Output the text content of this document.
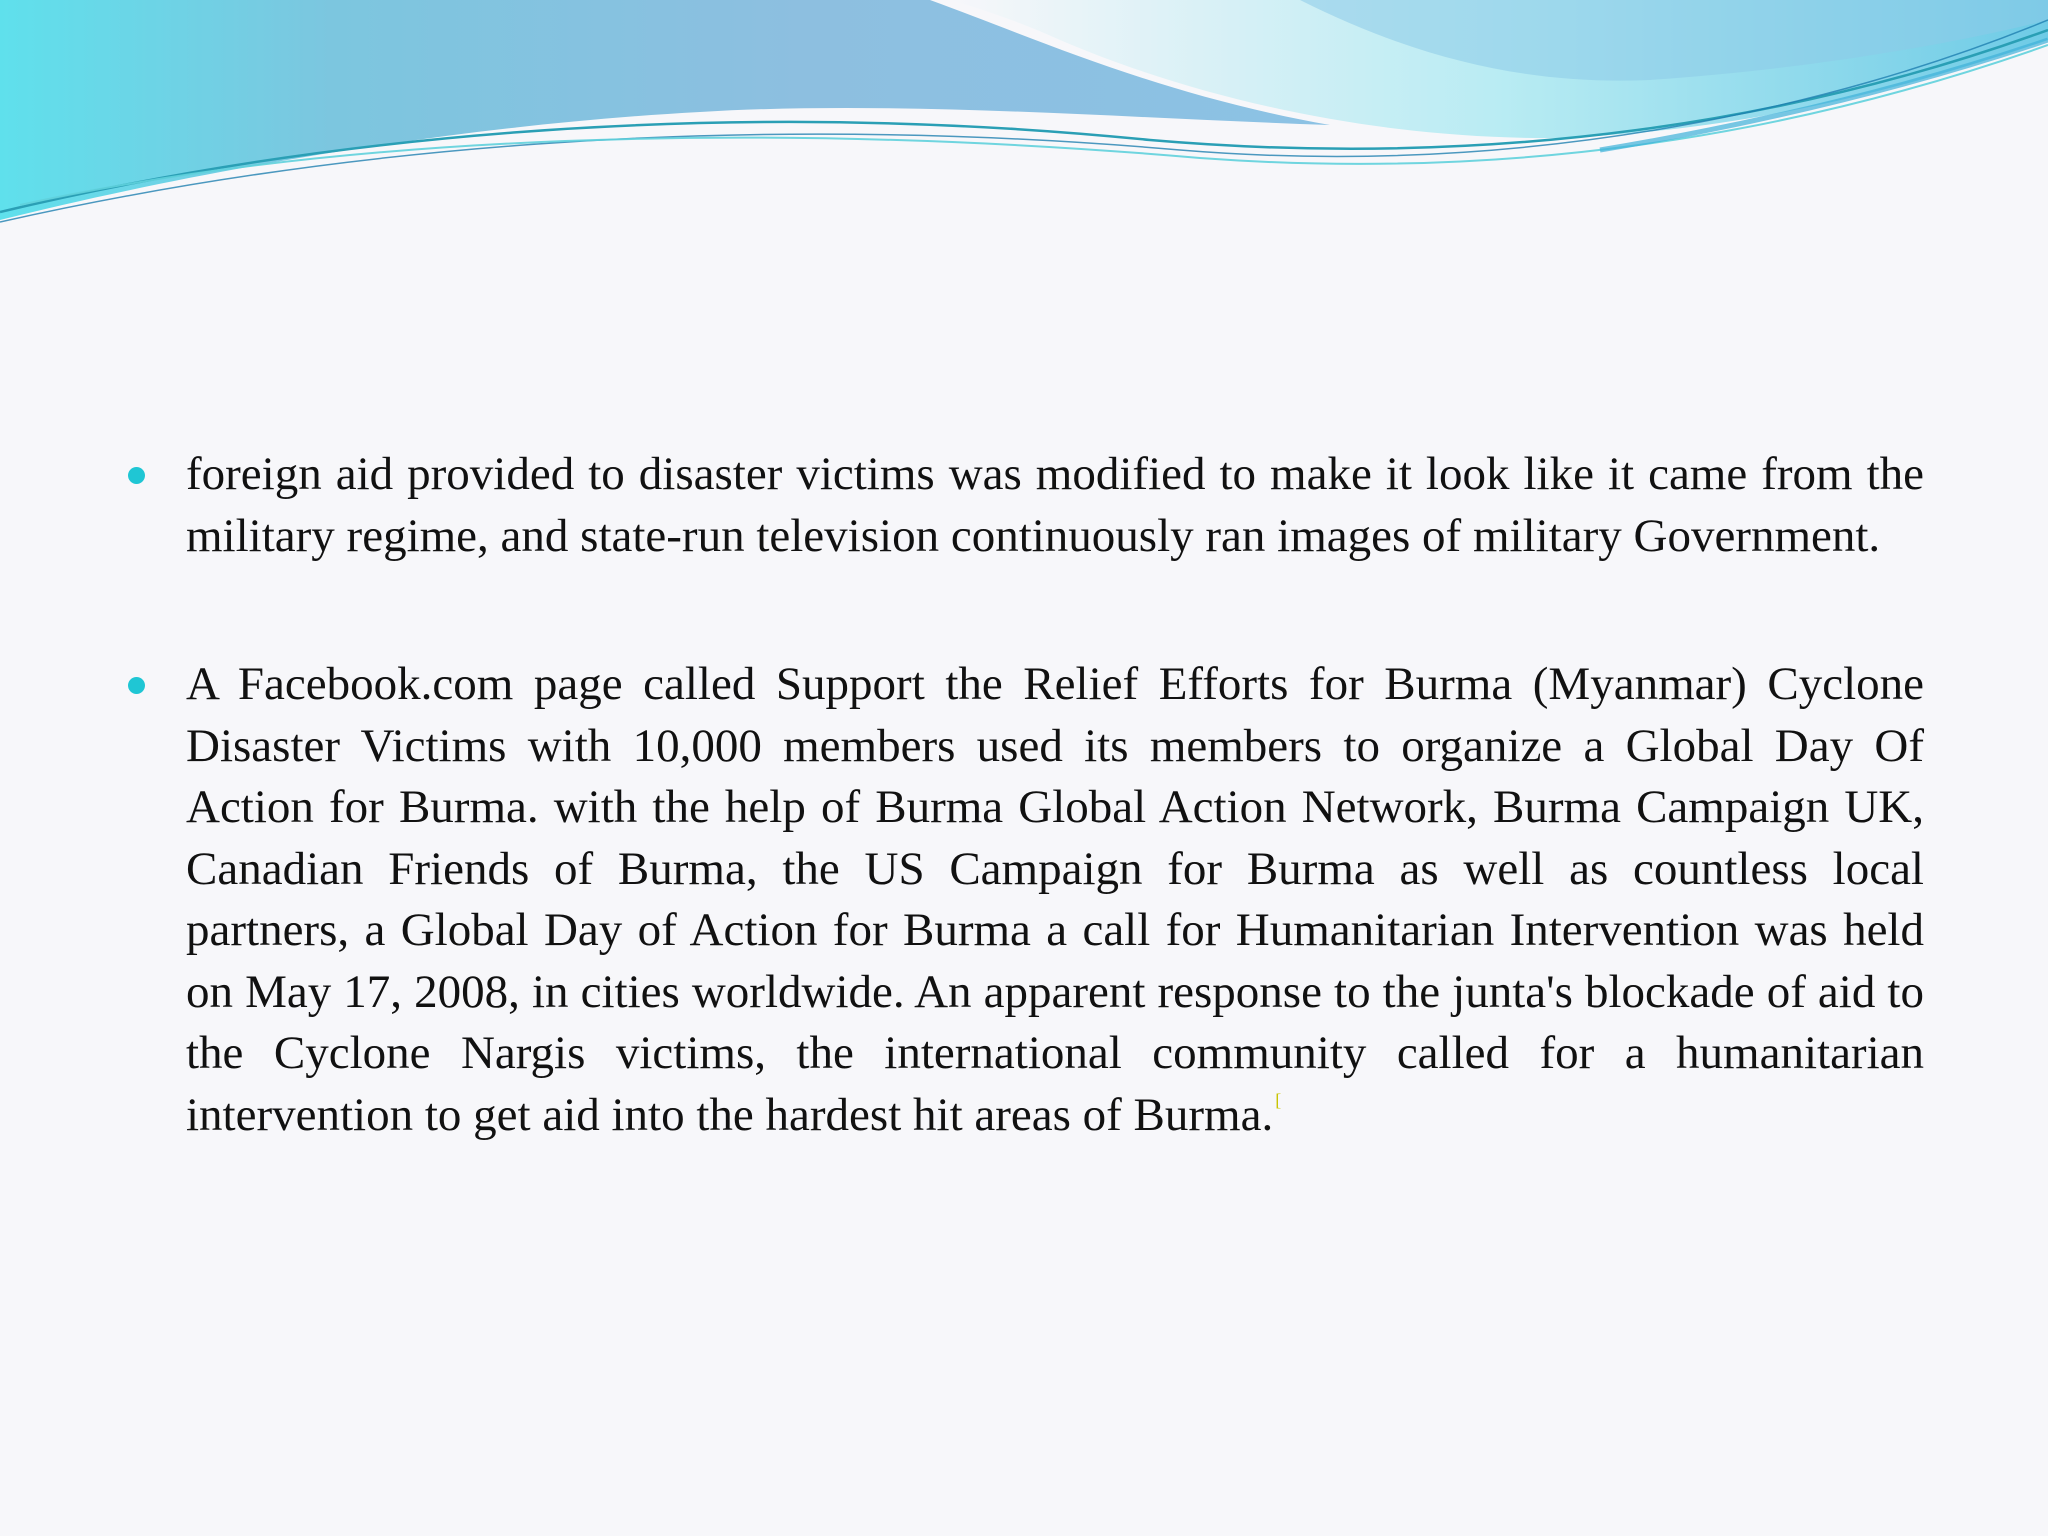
foreign aid provided to disaster victims was modified to make it look like it came from the military regime, and state-run television continuously ran images of military Government.

A Facebook.com page called Support the Relief Efforts for Burma (Myanmar) Cyclone Disaster Victims with 10,000 members used its members to organize a Global Day Of Action for Burma. with the help of Burma Global Action Network, Burma Campaign UK, Canadian Friends of Burma, the US Campaign for Burma as well as countless local partners, a Global Day of Action for Burma a call for Humanitarian Intervention was held on May 17, 2008, in cities worldwide. An apparent response to the junta's blockade of aid to the Cyclone Nargis victims, the international community called for a humanitarian intervention to get aid into the hardest hit areas of Burma. [
